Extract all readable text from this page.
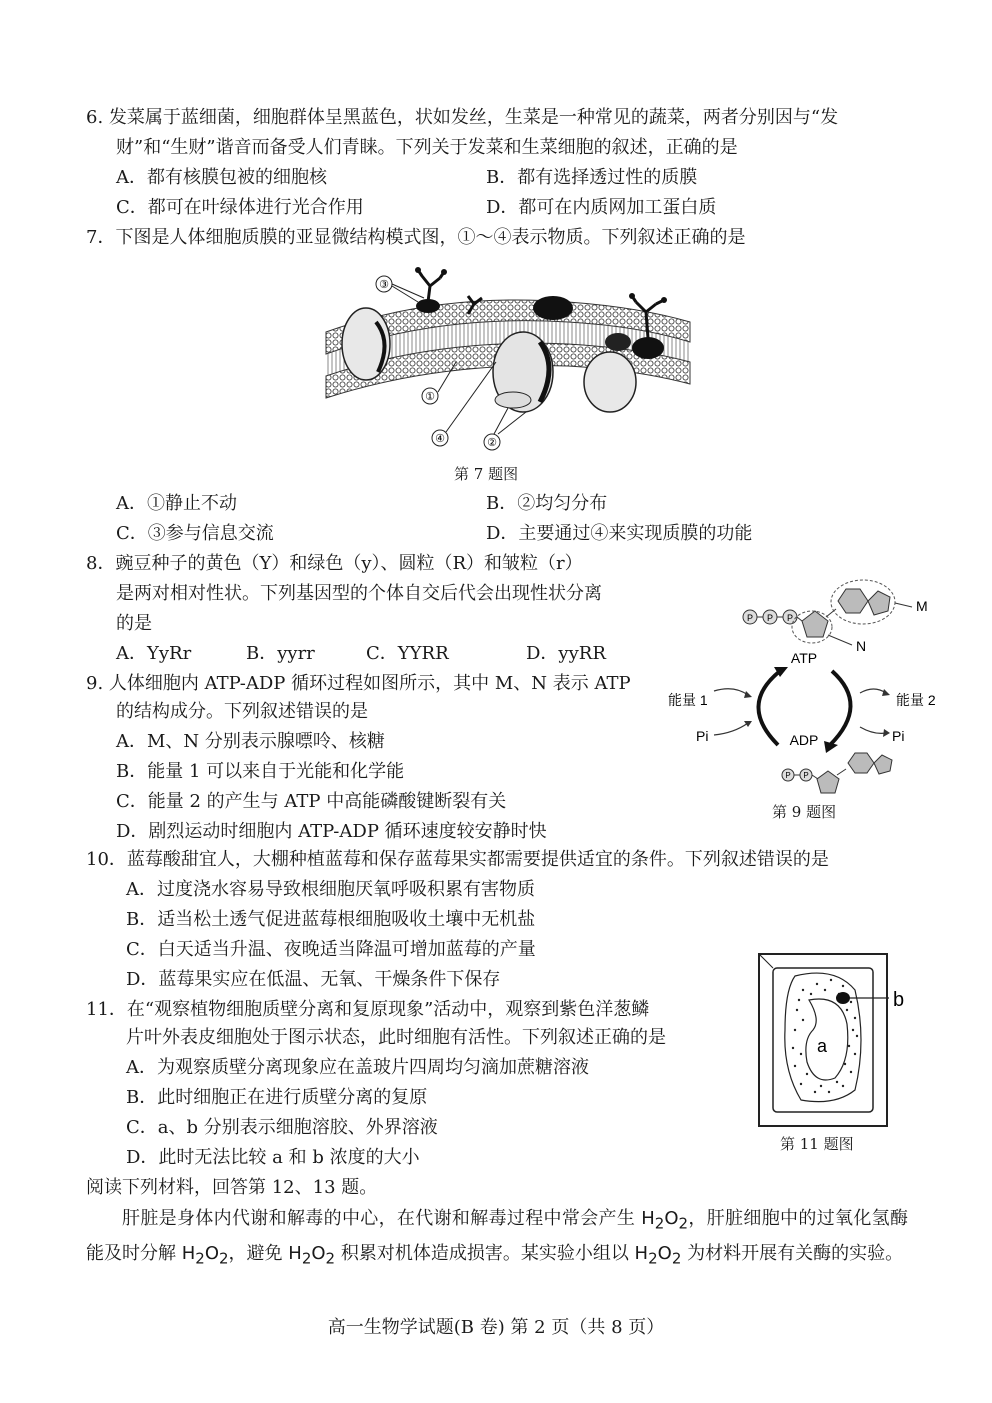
6. 发菜属于蓝细菌，细胞群体呈黑蓝色，状如发丝，生菜是一种常见的蔬菜，两者分别因与“发
财”和“生财”谐音而备受人们青睐。下列关于发菜和生菜细胞的叙述，正确的是
A．都有核膜包被的细胞核	B．都有选择透过性的质膜
C．都可在叶绿体进行光合作用	D．都可在内质网加工蛋白质
7．下图是人体细胞质膜的亚显微结构模式图，①～④表示物质。下列叙述正确的是
③
①
④	②
第 7 题图
A．①静止不动	B．②均匀分布
C．③参与信息交流	D．主要通过④来实现质膜的功能
8．豌豆种子的黄色（Y）和绿色（y）、圆粒（R）和皱粒（r）
是两对相对性状。下列基因型的个体自交后代会出现性状分离
的是
A．YyRr	B．yyrr	C．YYRR	D．yyRR
9. 人体细胞内 ATP-ADP 循环过程如图所示，其中 M、N 表示 ATP
的结构成分。下列叙述错误的是
A．M、N 分别表示腺嘌呤、核糖
B．能量 1 可以来自于光能和化学能
C．能量 2 的产生与 ATP 中高能磷酸键断裂有关
D．剧烈运动时细胞内 ATP-ADP 循环速度较安静时快
P P P
M
N
ATP
能量 1
Pi
能量 2
Pi
ADP
P P
第 9 题图
10．蓝莓酸甜宜人，大棚种植蓝莓和保存蓝莓果实都需要提供适宜的条件。下列叙述错误的是
A．过度浇水容易导致根细胞厌氧呼吸积累有害物质
B．适当松土透气促进蓝莓根细胞吸收土壤中无机盐
C．白天适当升温、夜晚适当降温可增加蓝莓的产量
D．蓝莓果实应在低温、无氧、干燥条件下保存
11．在“观察植物细胞质壁分离和复原现象”活动中，观察到紫色洋葱鳞
片叶外表皮细胞处于图示状态，此时细胞有活性。下列叙述正确的是
A．为观察质壁分离现象应在盖玻片四周均匀滴加蔗糖溶液
B．此时细胞正在进行质壁分离的复原
C．a、b 分别表示细胞溶胶、外界溶液
D．此时无法比较 a 和 b 浓度的大小
b
a
第 11 题图
阅读下列材料，回答第 12、13 题。
肝脏是身体内代谢和解毒的中心，在代谢和解毒过程中常会产生 $H_2O_2$，肝脏细胞中的过氧化氢酶能及时分解 $H_2O_2$，避免 $H_2O_2$ 积累对机体造成损害。某实验小组以 $H_2O_2$ 为材料开展有关酶的实验。
高一生物学试题(B 卷) 第 2 页（共 8 页）
